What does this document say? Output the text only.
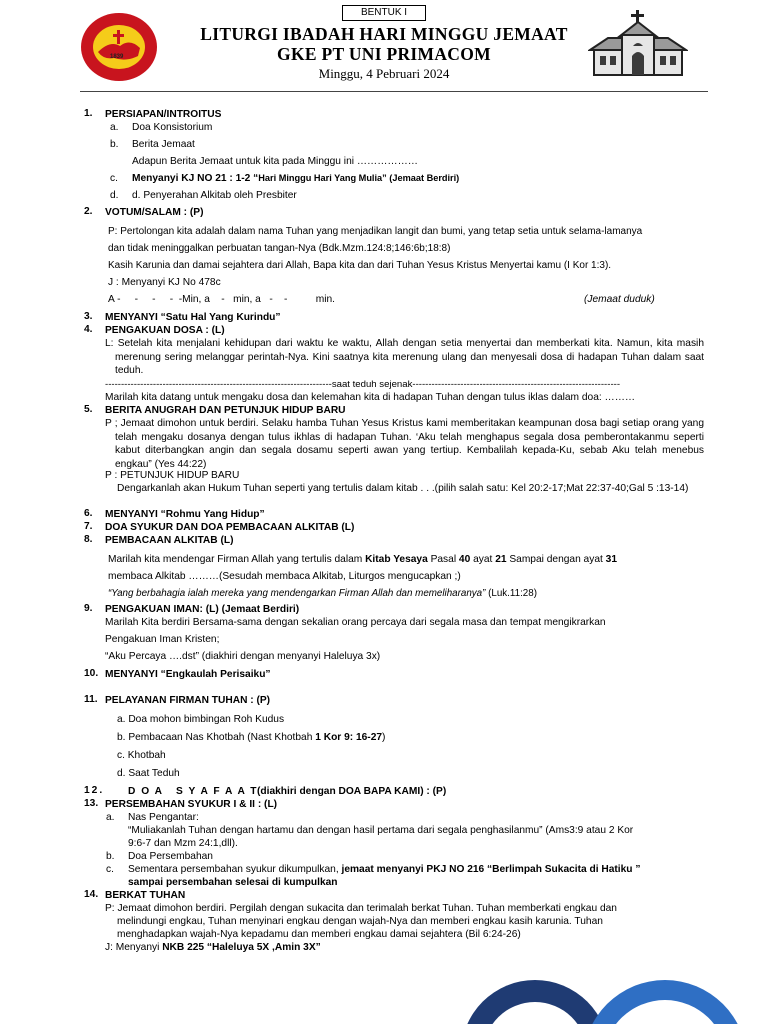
1839
BENTUK I
LITURGI IBADAH HARI MINGGU JEMAAT
GKE PT UNI PRIMACOM
Minggu, 4 Pebruari 2024
1. PERSIAPAN/INTROITUS
a. Doa Konsistorium
b. Berita Jemaat
Adapun Berita Jemaat untuk kita pada Minggu ini ………………
c. Menyanyi KJ NO 21 : 1-2 “Hari Minggu Hari Yang Mulia” (Jemaat Berdiri)
d. d. Penyerahan Alkitab oleh Presbiter
2. VOTUM/SALAM : (P)
P: Pertolongan kita adalah dalam nama Tuhan yang menjadikan langit dan bumi, yang tetap setia untuk selama-lamanya
dan tidak meninggalkan perbuatan tangan-Nya (Bdk.Mzm.124:8;146:6b;18:8)
Kasih Karunia dan damai sejahtera dari Allah, Bapa kita dan dari Tuhan Yesus Kristus Menyertai kamu (I Kor 1:3).
J : Menyanyi KJ No 478c
A -     -     -     -  -Min, a    -   min, a   -    -          min.	(Jemaat duduk)
3. MENYANYI “Satu Hal Yang Kurindu”
4. PENGAKUAN DOSA : (L)
L: Setelah kita menjalani kehidupan dari waktu ke waktu, Allah dengan setia menyertai dan memberkati kita. Namun, kita masih merenung sering melanggar perintah-Nya. Kini saatnya kita merenung ulang dan menyesali dosa di hadapan Tuhan dalam saat teduh.
-----------------------------------------------------------------------saat teduh sejenak-----------------------------------------------------------------
Marilah kita datang untuk mengaku dosa dan kelemahan kita di hadapan Tuhan dengan tulus iklas dalam doa: ………
5. BERITA ANUGRAH DAN PETUNJUK HIDUP BARU
P ; Jemaat dimohon untuk berdiri. Selaku hamba Tuhan Yesus Kristus kami memberitakan keampunan dosa bagi setiap orang yang telah mengaku dosanya dengan tulus ikhlas di hadapan Tuhan. ‘Aku telah menghapus segala dosa pemberontakanmu seperti kabut diterbangkan angin dan segala dosamu seperti awan yang tertiup. Kembalilah kepada-Ku, sebab Aku telah menebus engkau” (Yes 44:22)
P : PETUNJUK HIDUP BARU
Dengarkanlah akan Hukum Tuhan seperti yang tertulis dalam kitab . . .(pilih salah satu: Kel 20:2-17;Mat 22:37-40;Gal 5 :13-14)
6. MENYANYI “Rohmu Yang Hidup”
7. DOA SYUKUR DAN DOA PEMBACAAN ALKITAB (L)
8. PEMBACAAN ALKITAB (L)
Marilah kita mendengar Firman Allah yang tertulis dalam Kitab Yesaya Pasal 40 ayat 21 Sampai dengan ayat 31
membaca Alkitab ………(Sesudah membaca Alkitab, Liturgos mengucapkan ;)
“Yang berbahagia ialah mereka yang mendengarkan Firman Allah dan memeliharanya” (Luk.11:28)
9. PENGAKUAN IMAN: (L) (Jemaat Berdiri)
Marilah Kita berdiri Bersama-sama dengan sekalian orang percaya dari segala masa dan tempat mengikrarkan
Pengakuan Iman Kristen;
“Aku Percaya ….dst” (diakhiri dengan menyanyi Haleluya 3x)
10. MENYANYI “Engkaulah Perisaiku”
11. PELAYANAN FIRMAN TUHAN : (P)
a. Doa mohon bimbingan Roh Kudus
b. Pembacaan Nas Khotbah (Nast Khotbah 1 Kor 9: 16-27)
c. Khotbah
d. Saat Teduh
12. D O A   S Y A F A A T (diakhiri dengan DOA BAPA KAMI) : (P)
13. PERSEMBAHAN SYUKUR I & II : (L)
a. Nas Pengantar:
“Muliakanlah Tuhan dengan hartamu dan dengan hasil pertama dari segala penghasilanmu” (Ams3:9 atau 2 Kor
9:6-7 dan Mzm 24:1,dll).
b. Doa Persembahan
c. Sementara persembahan syukur dikumpulkan, jemaat menyanyi PKJ NO 216 “Berlimpah Sukacita di Hatiku ”
sampai persembahan selesai di kumpulkan
14. BERKAT TUHAN
P: Jemaat dimohon berdiri. Pergilah dengan sukacita dan terimalah berkat Tuhan. Tuhan memberkati engkau dan
melindungi engkau, Tuhan menyinari engkau dengan wajah-Nya dan memberi engkau kasih karunia. Tuhan
menghadapkan wajah-Nya kepadamu dan memberi engkau damai sejahtera (Bil 6:24-26)
J: Menyanyi NKB 225 “Haleluya 5X ,Amin 3X”
